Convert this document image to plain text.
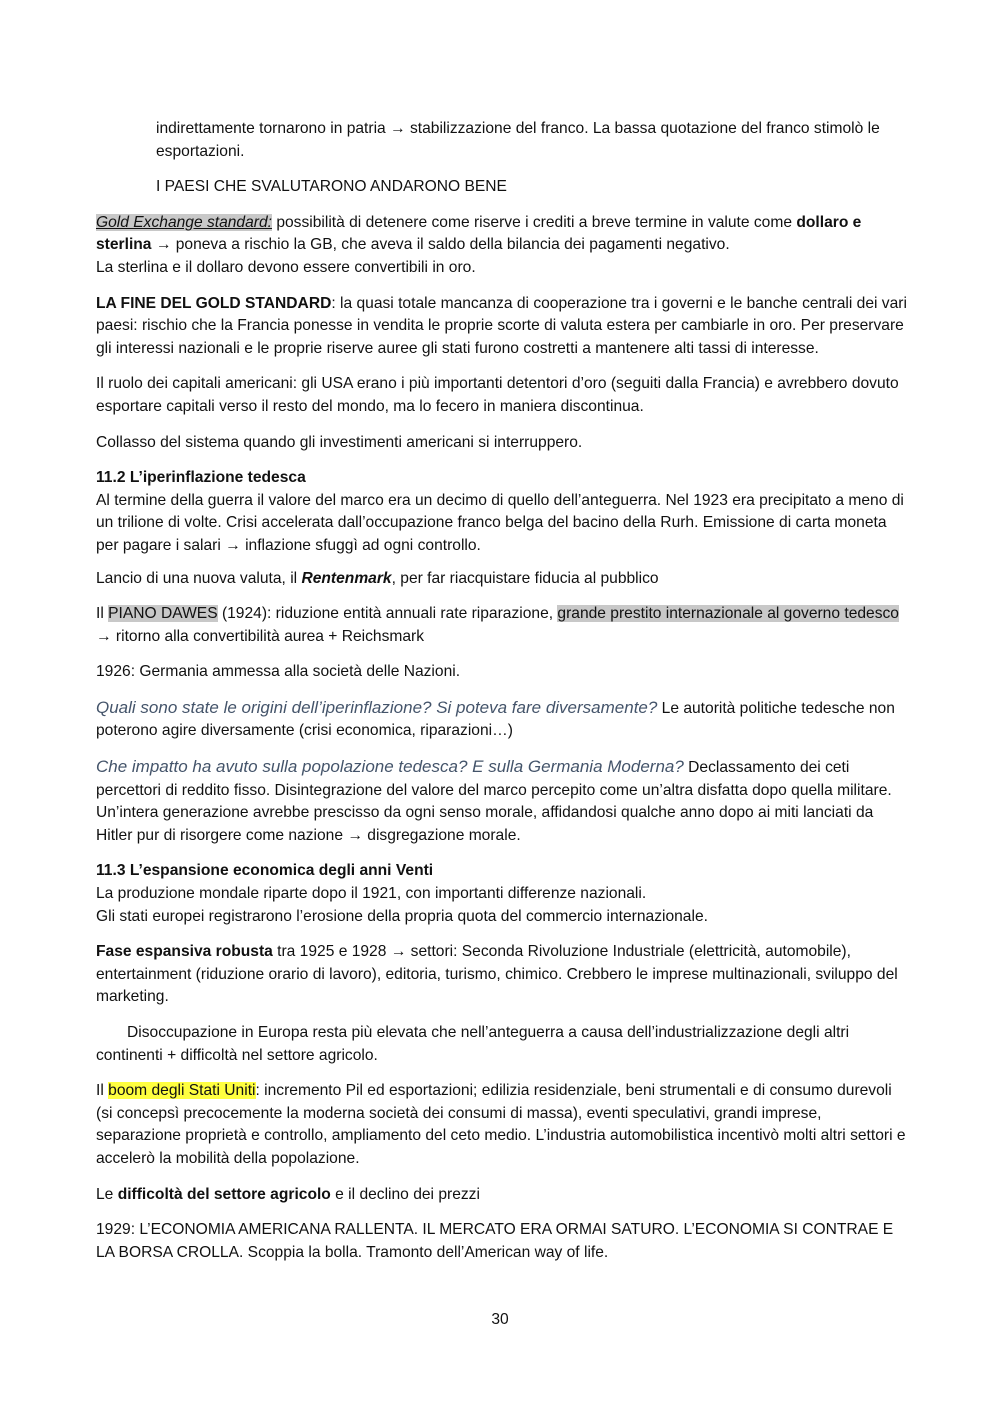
indirettamente tornarono in patria → stabilizzazione del franco. La bassa quotazione del franco stimolò le esportazioni.

I PAESI CHE SVALUTARONO ANDARONO BENE

Gold Exchange standard: possibilità di detenere come riserve i crediti a breve termine in valute come dollaro e sterlina → poneva a rischio la GB, che aveva il saldo della bilancia dei pagamenti negativo.
La sterlina e il dollaro devono essere convertibili in oro.

LA FINE DEL GOLD STANDARD: la quasi totale mancanza di cooperazione tra i governi e le banche centrali dei vari paesi: rischio che la Francia ponesse in vendita le proprie scorte di valuta estera per cambiarle in oro. Per preservare gli interessi nazionali e le proprie riserve auree gli stati furono costretti a mantenere alti tassi di interesse.

Il ruolo dei capitali americani: gli USA erano i più importanti detentori d’oro (seguiti dalla Francia) e avrebbero dovuto esportare capitali verso il resto del mondo, ma lo fecero in maniera discontinua.

Collasso del sistema quando gli investimenti americani si interruppero.

11.2 L’iperinflazione tedesca
Al termine della guerra il valore del marco era un decimo di quello dell’anteguerra. Nel 1923 era precipitato a meno di un trilione di volte. Crisi accelerata dall’occupazione franco belga del bacino della Rurh. Emissione di carta moneta per pagare i salari → inflazione sfuggì ad ogni controllo.

Lancio di una nuova valuta, il Rentenmark, per far riacquistare fiducia al pubblico

Il PIANO DAWES (1924): riduzione entità annuali rate riparazione, grande prestito internazionale al governo tedesco → ritorno alla convertibilità aurea + Reichsmark

1926: Germania ammessa alla società delle Nazioni.

Quali sono state le origini dell’iperinflazione? Si poteva fare diversamente? Le autorità politiche tedesche non poterono agire diversamente (crisi economica, riparazioni…)

Che impatto ha avuto sulla popolazione tedesca? E sulla Germania Moderna? Declassamento dei ceti percettori di reddito fisso. Disintegrazione del valore del marco percepito come un’altra disfatta dopo quella militare. Un’intera generazione avrebbe prescisso da ogni senso morale, affidandosi qualche anno dopo ai miti lanciati da Hitler pur di risorgere come nazione → disgregazione morale.

11.3 L’espansione economica degli anni Venti
La produzione mondale riparte dopo il 1921, con importanti differenze nazionali.
Gli stati europei registrarono l’erosione della propria quota del commercio internazionale.

Fase espansiva robusta tra 1925 e 1928 → settori: Seconda Rivoluzione Industriale (elettricità, automobile), entertainment (riduzione orario di lavoro), editoria, turismo, chimico. Crebbero le imprese multinazionali, sviluppo del marketing.

Disoccupazione in Europa resta più elevata che nell’anteguerra a causa dell’industrializzazione degli altri continenti + difficoltà nel settore agricolo.

Il boom degli Stati Uniti: incremento Pil ed esportazioni; edilizia residenziale, beni strumentali e di consumo durevoli (si concepsì precocemente la moderna società dei consumi di massa), eventi speculativi, grandi imprese, separazione proprietà e controllo, ampliamento del ceto medio. L’industria automobilistica incentivò molti altri settori e accelerò la mobilità della popolazione.

Le difficoltà del settore agricolo e il declino dei prezzi

1929: L’ECONOMIA AMERICANA RALLENTA. IL MERCATO ERA ORMAI SATURO. L’ECONOMIA SI CONTRAE E LA BORSA CROLLA. Scoppia la bolla. Tramonto dell’American way of life.

30
